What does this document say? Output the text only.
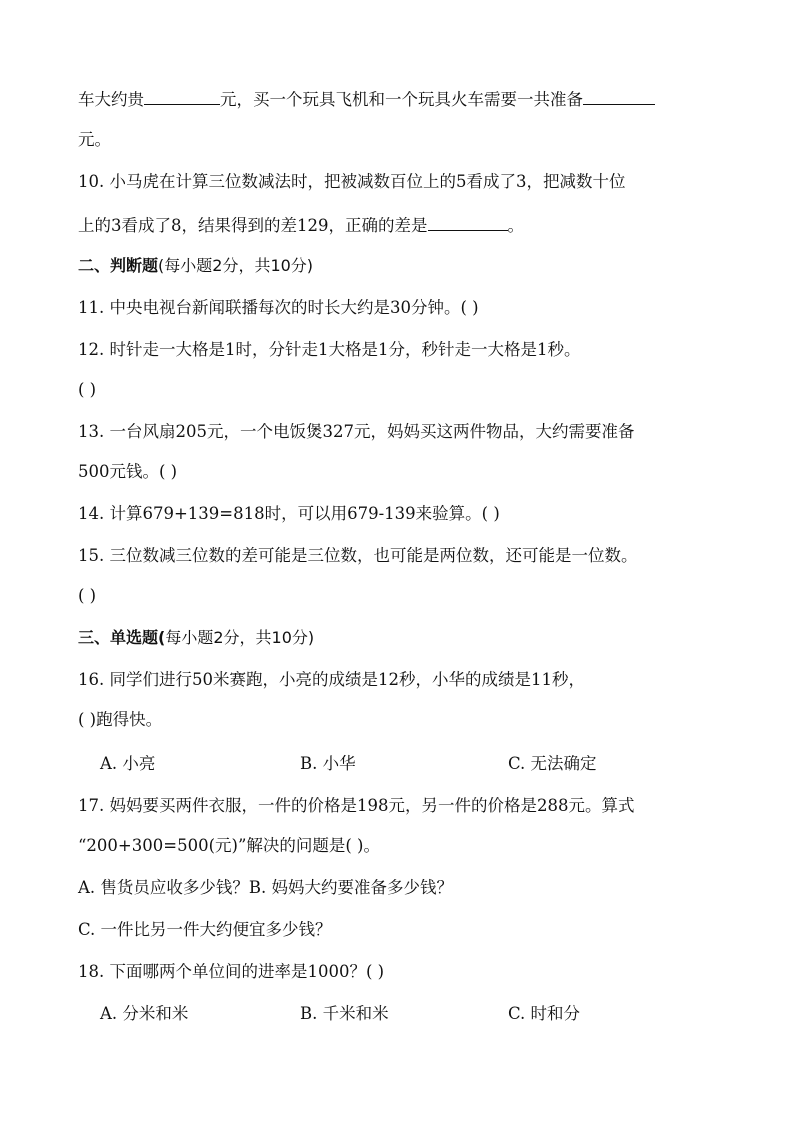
车大约贵	元，买一个玩具飞机和一个玩具火车需要一共准备
元。
10. 小马虎在计算三位数减法时，把被减数百位上的5看成了3，把减数十位
上的3看成了8，结果得到的差129，正确的差是	。
二、判断题(每小题2分，共10分)
11. 中央电视台新闻联播每次的时长大约是30分钟。( )
12. 时针走一大格是1时，分针走1大格是1分，秒针走一大格是1秒。
( )
13. 一台风扇205元，一个电饭煲327元，妈妈买这两件物品，大约需要准备
500元钱。( )
14. 计算679+139=818时，可以用679-139来验算。( )
15. 三位数减三位数的差可能是三位数，也可能是两位数，还可能是一位数。
( )
三、单选题(每小题2分，共10分)
16. 同学们进行50米赛跑，小亮的成绩是12秒，小华的成绩是11秒，
( )跑得快。
A. 小亮	B. 小华	C. 无法确定
17. 妈妈要买两件衣服，一件的价格是198元，另一件的价格是288元。算式
“200+300=500(元)”解决的问题是( )。
A. 售货员应收多少钱？B. 妈妈大约要准备多少钱？
C. 一件比另一件大约便宜多少钱？
18. 下面哪两个单位间的进率是1000？( )
A. 分米和米	B. 千米和米	C. 时和分
